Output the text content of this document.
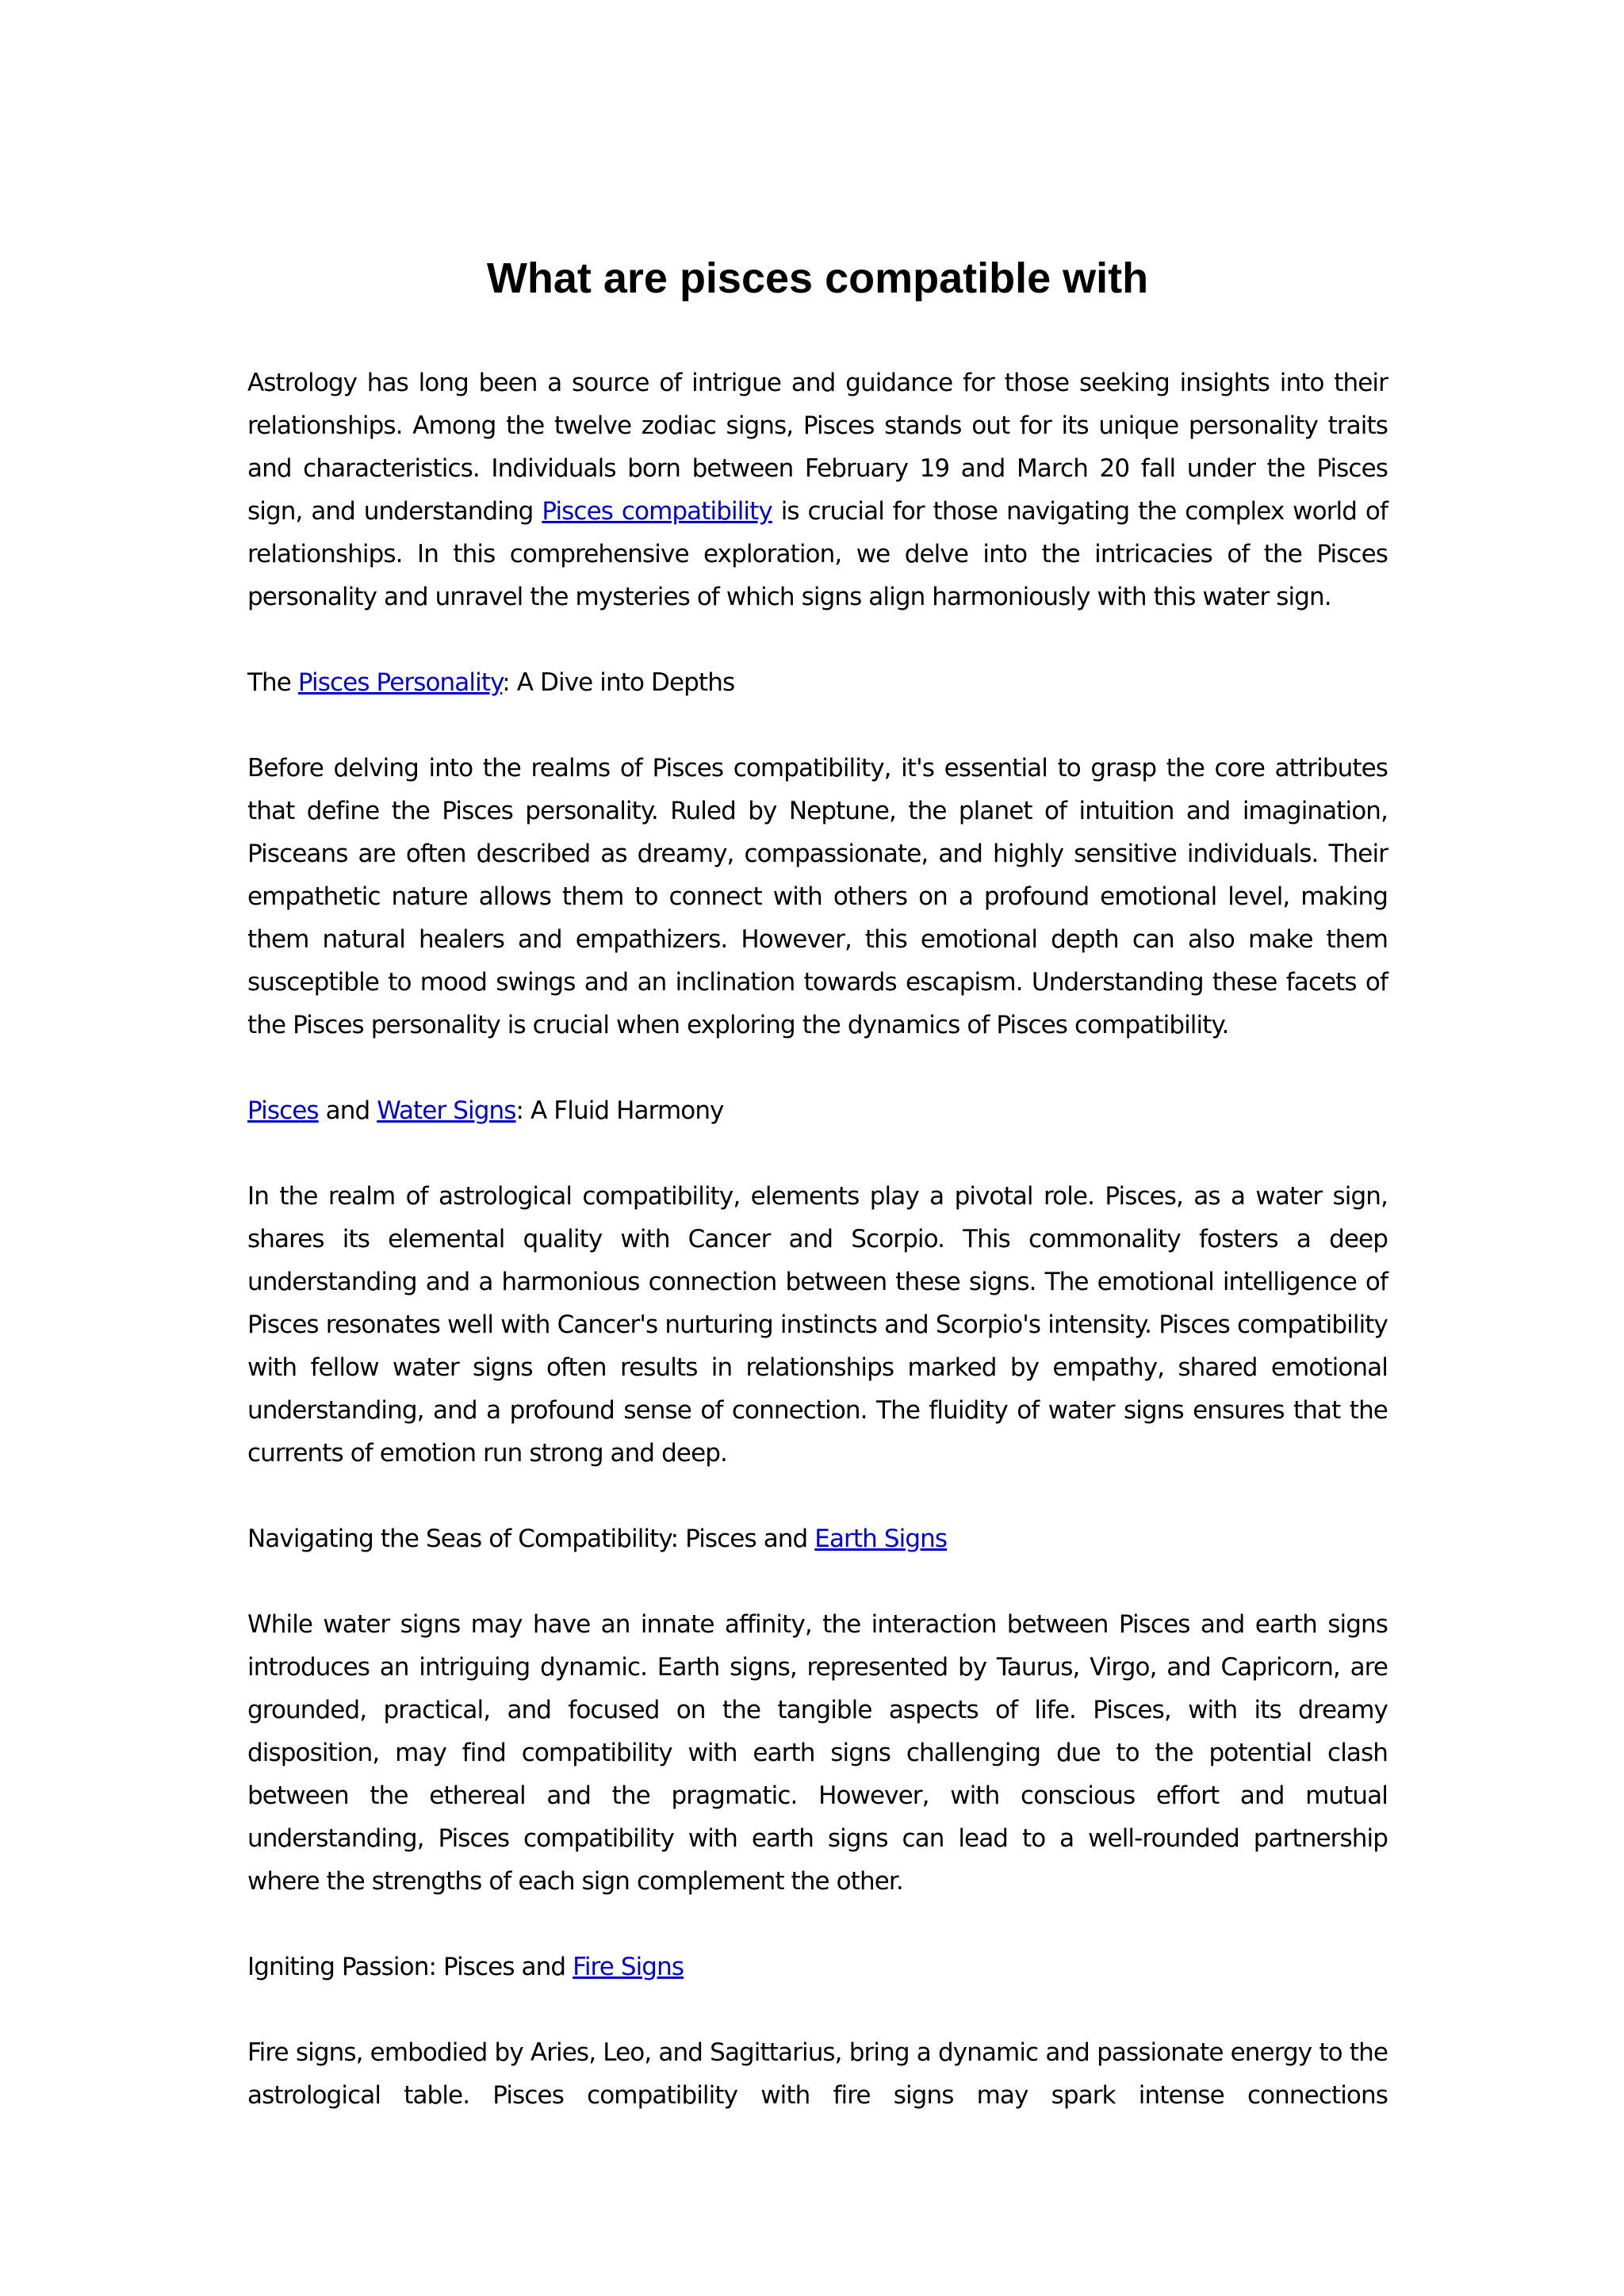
What are pisces compatible with

Astrology has long been a source of intrigue and guidance for those seeking insights into their relationships. Among the twelve zodiac signs, Pisces stands out for its unique personality traits and characteristics. Individuals born between February 19 and March 20 fall under the Pisces sign, and understanding Pisces compatibility is crucial for those navigating the complex world of relationships. In this comprehensive exploration, we delve into the intricacies of the Pisces personality and unravel the mysteries of which signs align harmoniously with this water sign.

The Pisces Personality: A Dive into Depths

Before delving into the realms of Pisces compatibility, it's essential to grasp the core attributes that define the Pisces personality. Ruled by Neptune, the planet of intuition and imagination, Pisceans are often described as dreamy, compassionate, and highly sensitive individuals. Their empathetic nature allows them to connect with others on a profound emotional level, making them natural healers and empathizers. However, this emotional depth can also make them susceptible to mood swings and an inclination towards escapism. Understanding these facets of the Pisces personality is crucial when exploring the dynamics of Pisces compatibility.

Pisces and Water Signs: A Fluid Harmony

In the realm of astrological compatibility, elements play a pivotal role. Pisces, as a water sign, shares its elemental quality with Cancer and Scorpio. This commonality fosters a deep understanding and a harmonious connection between these signs. The emotional intelligence of Pisces resonates well with Cancer's nurturing instincts and Scorpio's intensity. Pisces compatibility with fellow water signs often results in relationships marked by empathy, shared emotional understanding, and a profound sense of connection. The fluidity of water signs ensures that the currents of emotion run strong and deep.

Navigating the Seas of Compatibility: Pisces and Earth Signs

While water signs may have an innate affinity, the interaction between Pisces and earth signs introduces an intriguing dynamic. Earth signs, represented by Taurus, Virgo, and Capricorn, are grounded, practical, and focused on the tangible aspects of life. Pisces, with its dreamy disposition, may find compatibility with earth signs challenging due to the potential clash between the ethereal and the pragmatic. However, with conscious effort and mutual understanding, Pisces compatibility with earth signs can lead to a well-rounded partnership where the strengths of each sign complement the other.

Igniting Passion: Pisces and Fire Signs

Fire signs, embodied by Aries, Leo, and Sagittarius, bring a dynamic and passionate energy to the astrological table. Pisces compatibility with fire signs may spark intense connections
